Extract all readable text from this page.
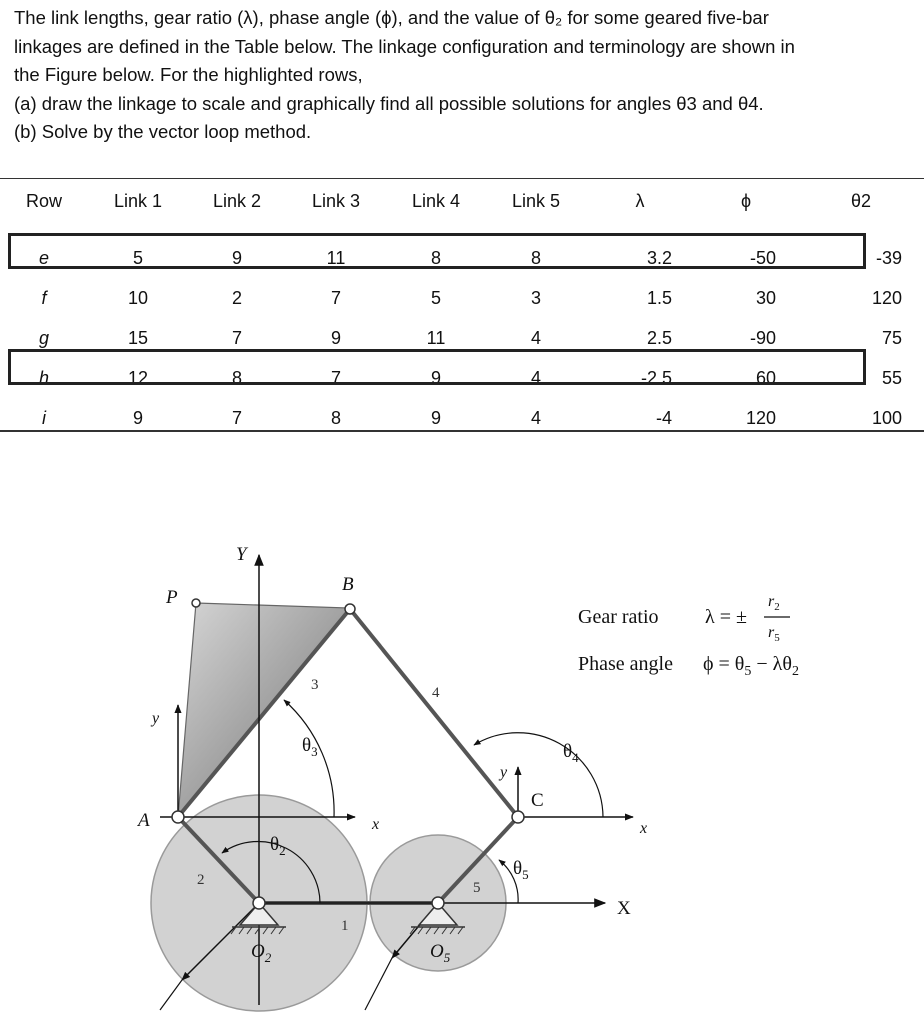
The link lengths, gear ratio (λ), phase angle (ϕ), and the value of θ₂ for some geared five-bar

linkages are defined in the Table below. The linkage configuration and terminology are shown in

the Figure below. For the highlighted rows,

(a) draw the linkage to scale and graphically find all possible solutions for angles θ3 and θ4.

(b) Solve by the vector loop method.

Row	Link 1	Link 2	Link 3	Link 4	Link 5	λ	ϕ	θ2

e	5	9	11	8	8	3.2	-50	-39
f	10	2	7	5	3	1.5	30	120
g	15	7	9	11	4	2.5	-90	75
h	12	8	7	9	4	-2.5	60	55
i	9	7	8	9	4	-4	120	100
Y
B
P
A
C
y
x
y
x
X
$O_2$	$O_5$
$\theta_3$	$\theta_4$
$\theta_2$
$\theta_5$
1
2
3	4
5
Gear ratio λ = ±
$r_2$
$r_5$
Phase angle $\phi = \theta_5 - \lambda\theta_2$
